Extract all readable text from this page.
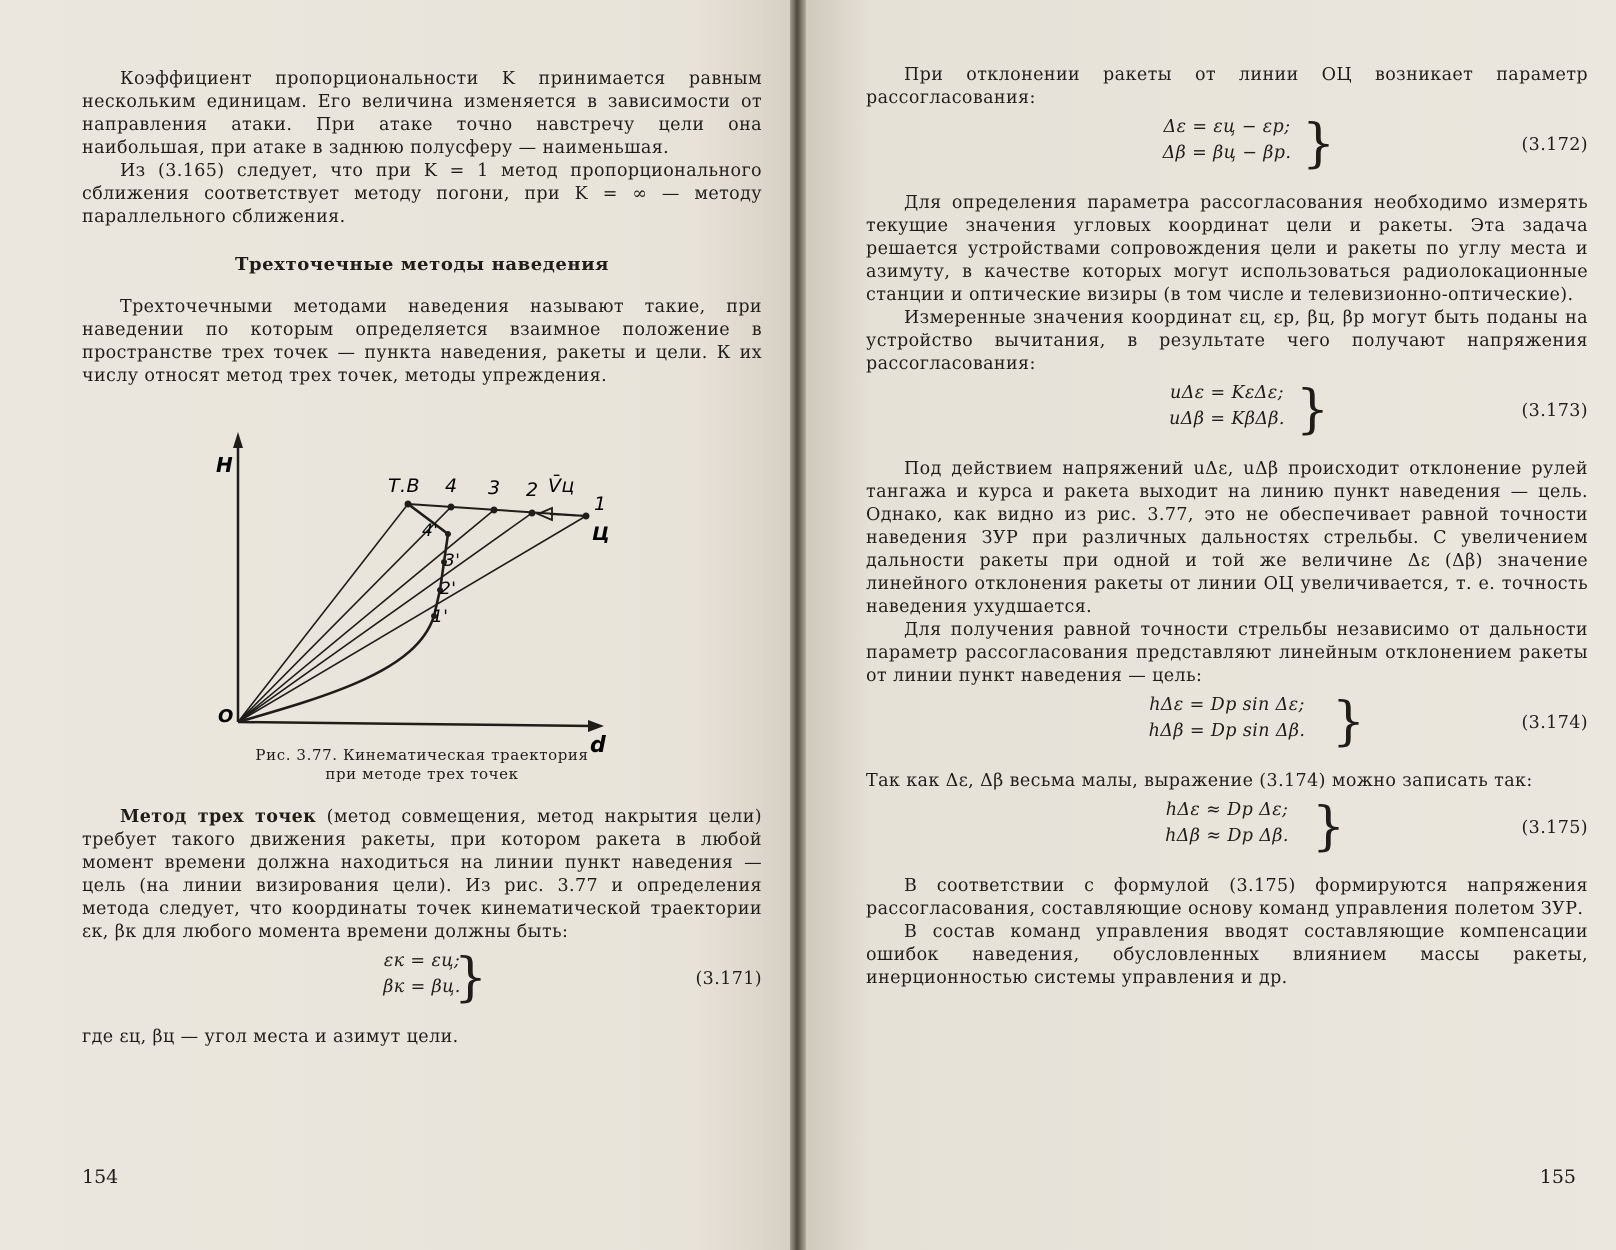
Коэффициент пропорциональности K принимается равным нескольким единицам. Его величина изменяется в зависимости от направления атаки. При атаке точно навстречу цели она наибольшая, при атаке в заднюю полусферу — наименьшая.

Из (3.165) следует, что при K = 1 метод пропорционального сближения соответствует методу погони, при K = ∞ — методу параллельного сближения.

Трехточечные методы наведения

Трехточечными методами наведения называют такие, при наведении по которым определяется взаимное положение в пространстве трех точек — пункта наведения, ракеты и цели. К их числу относят метод трех точек, методы упреждения.

H
d
O
Т.В 4 3 2 V̄ц
1
Ц
4'
3'
2'
1'
Рис. 3.77. Кинематическая траектория
при методе трех точек

Метод трех точек (метод совмещения, метод накрытия цели) требует такого движения ракеты, при котором ракета в любой момент времени должна находиться на линии пункт наведения — цель (на линии визирования цели). Из рис. 3.77 и определения метода следует, что координаты точек кинематической траектории εк, βк для любого момента времени должны быть:

εк = εц;
βк = βц.
}	(3.171)

где εц, βц — угол места и азимут цели.

154

При отклонении ракеты от линии ОЦ возникает параметр рассогласования:

Δε = εц − εр;
Δβ = βц − βр. }	(3.172)

Для определения параметра рассогласования необходимо измерять текущие значения угловых координат цели и ракеты. Эта задача решается устройствами сопровождения цели и ракеты по углу места и азимуту, в качестве которых могут использоваться радиолокационные станции и оптические визиры (в том числе и телевизионно-оптические).

Измеренные значения координат εц, εр, βц, βр могут быть поданы на устройство вычитания, в результате чего получают напряжения рассогласования:

uΔε = KεΔε;
uΔβ = KβΔβ. }	(3.173)

Под действием напряжений uΔε, uΔβ происходит отклонение рулей тангажа и курса и ракета выходит на линию пункт наведения — цель. Однако, как видно из рис. 3.77, это не обеспечивает равной точности наведения ЗУР при различных дальностях стрельбы. С увеличением дальности ракеты при одной и той же величине Δε (Δβ) значение линейного отклонения ракеты от линии ОЦ увеличивается, т. е. точность наведения ухудшается.

Для получения равной точности стрельбы независимо от дальности параметр рассогласования представляют линейным отклонением ракеты от линии пункт наведения — цель:

hΔε = Dр sin Δε;
hΔβ = Dр sin Δβ. }	(3.174)

Так как Δε, Δβ весьма малы, выражение (3.174) можно записать так:

hΔε ≈ Dр Δε;
hΔβ ≈ Dр Δβ. }	(3.175)

В соответствии с формулой (3.175) формируются напряжения рассогласования, составляющие основу команд управления полетом ЗУР.

В состав команд управления вводят составляющие компенсации ошибок наведения, обусловленных влиянием массы ракеты, инерционностью системы управления и др.

155
